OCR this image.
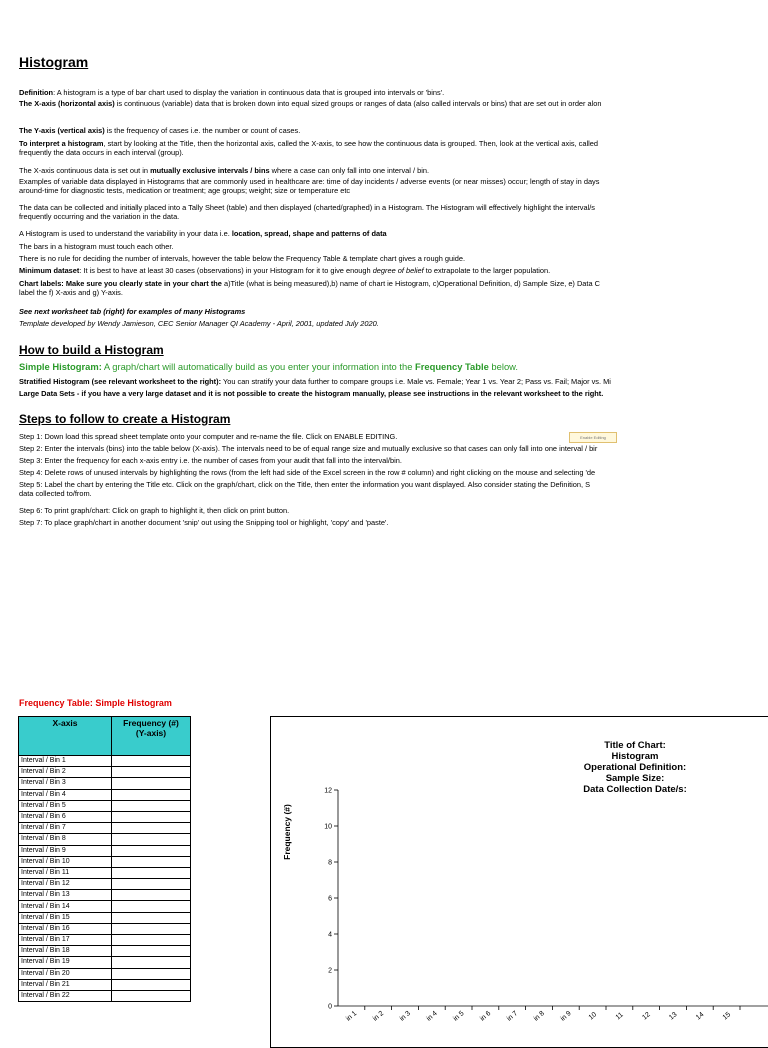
Histogram
Definition: A histogram is a type of bar chart used to display the variation in continuous data that is grouped into intervals or 'bins'.
The X-axis (horizontal axis) is continuous (variable) data that is broken down into equal sized groups or ranges of data (also called intervals or bins) that are set out in order alon
The Y-axis (vertical axis) is the frequency of cases i.e. the number or count of cases.
To interpret a histogram, start by looking at the Title, then the horizontal axis, called the X-axis, to see how the continuous data is grouped. Then, look at the vertical axis, called
frequently the data occurs in each interval (group).
The X-axis continuous data is set out in mutually exclusive intervals / bins where a case can only fall into one interval / bin.
Examples of variable data displayed in Histograms that are commonly used in healthcare are: time of day incidents / adverse events (or near misses) occur; length of stay in days
around-time for diagnostic tests, medication or treatment; age groups; weight; size or temperature etc
The data can be collected and initially placed into a Tally Sheet (table) and then displayed (charted/graphed) in a Histogram. The Histogram will effectively highlight the interval/s
frequently occurring and the variation in the data.
A Histogram is used to understand the variability in your data i.e. location, spread, shape and patterns of data
The bars in a histogram must touch each other.
There is no rule for deciding the number of intervals, however the table below the Frequency Table & template chart gives a rough guide.
Minimum dataset: It is best to have at least 30 cases (observations) in your Histogram for it to give enough degree of belief to extrapolate to the larger population.
Chart labels: Make sure you clearly state in your chart the a)Title (what is being measured),b) name of chart ie Histogram, c)Operational Definition, d) Sample Size, e) Data C
label the f) X-axis and g) Y-axis.
See next worksheet tab (right) for examples of many Histograms
Template developed by Wendy Jamieson, CEC Senior Manager QI Academy - April, 2001, updated July 2020.
How to build a Histogram
Simple Histogram: A graph/chart will automatically build as you enter your information into the Frequency Table below.
Stratified Histogram (see relevant worksheet to the right): You can stratify your data further to compare groups i.e. Male vs. Female; Year 1 vs. Year 2; Pass vs. Fail; Major vs. Mi
Large Data Sets - if you have a very large dataset and it is not possible to create the histogram manually, please see instructions in the relevant worksheet to the right.
Steps to follow to create a Histogram
Step 1: Down load this spread sheet template onto your computer and re-name the file. Click on ENABLE EDITING.	Enable Editing
Step 2: Enter the intervals (bins) into the table below (X-axis). The intervals need to be of equal range size and mutually exclusive so that cases can only fall into one interval / bir
Step 3: Enter the frequency for each x-axis entry i.e. the number of cases from your audit that fall into the interval/bin.
Step 4: Delete rows of unused intervals by highlighting the rows (from the left had side of the Excel screen in the row # column) and right clicking on the mouse and selecting 'de
Step 5: Label the chart by entering the Title etc. Click on the graph/chart, click on the Title, then enter the information you want displayed. Also consider stating the Definition, S
data collected to/from.
Step 6: To print graph/chart: Click on graph to highlight it, then click on print button.
Step 7: To place graph/chart in another document 'snip' out using the Snipping tool or highlight, 'copy' and 'paste'.
Frequency Table: Simple Histogram
X-axis	Frequency (#)
(Y-axis)
Interval / Bin 1	
Interval / Bin 2	
Interval / Bin 3	
Interval / Bin 4	
Interval / Bin 5	
Interval / Bin 6	
Interval / Bin 7	
Interval / Bin 8	
Interval / Bin 9	
Interval / Bin 10	
Interval / Bin 11	
Interval / Bin 12	
Interval / Bin 13	
Interval / Bin 14	
Interval / Bin 15	
Interval / Bin 16	
Interval / Bin 17	
Interval / Bin 18	
Interval / Bin 19	
Interval / Bin 20	
Interval / Bin 21	
Interval / Bin 22	
0
2
4
6
8
10
12
in 1 in 2 in 3 in 4 in 5 in 6 in 7 in 8 in 9 10 11 12 13 14 15
Frequency (#)
Title of Chart:
Histogram
Operational Definition:
Sample Size:
Data Collection Date/s:
